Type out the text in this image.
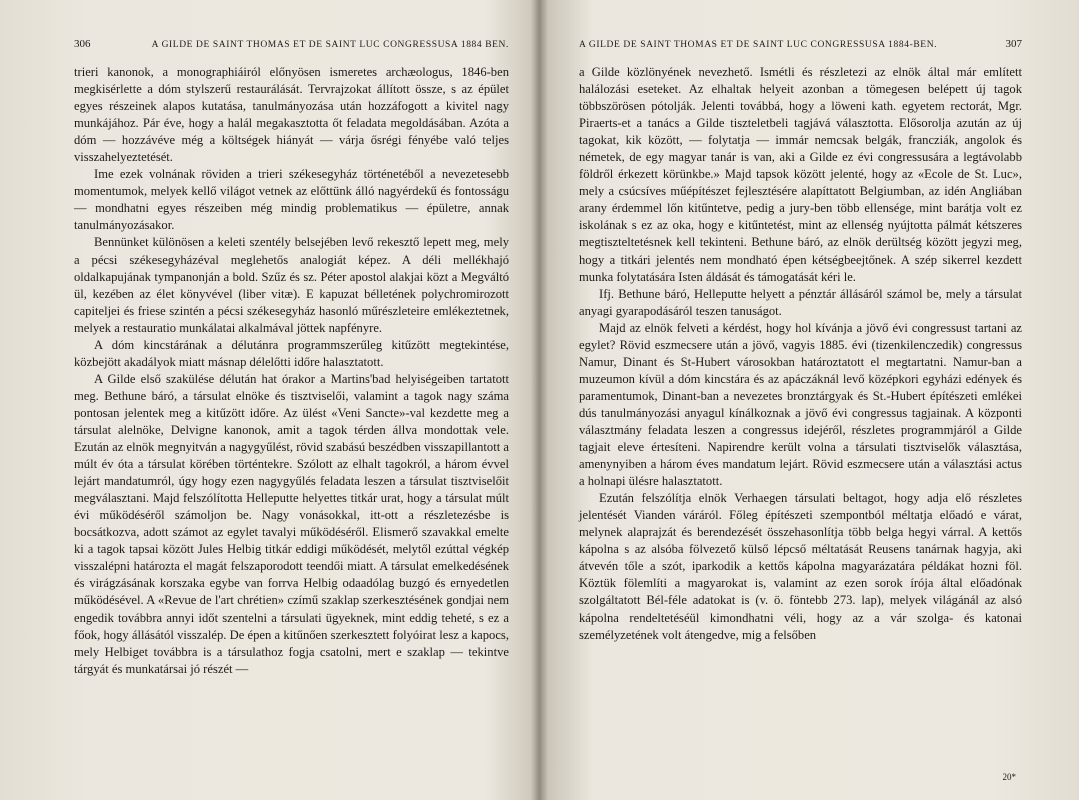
306	A GILDE DE SAINT THOMAS ET DE SAINT LUC CONGRESSUSA 1884 BEN.

trieri kanonok, a monographiáiról előnyösen ismeretes archæologus, 1846-ben megkisérlette a dóm stylszerű restaurálását. Tervrajzokat állított össze, s az épület egyes részeinek alapos kutatása, tanulmányozása után hozzáfogott a kivitel nagy munkájához. Pár éve, hogy a halál megakasztotta őt feladata megoldásában. Azóta a dóm — hozzávéve még a költségek hiányát — várja ősrégi fényébe való teljes visszahelyeztetését.

Ime ezek volnának röviden a trieri székesegyház történetéből a nevezetesebb momentumok, melyek kellő világot vetnek az előttünk álló nagyérdekű és fontosságu — mondhatni egyes részeiben még mindig problematikus — épületre, annak tanulmányozásakor.

Bennünket különösen a keleti szentély belsejében levő rekesztő lepett meg, mely a pécsi székesegyházéval meglehetős analogiát képez. A déli mellékhajó oldalkapujának tympanonján a bold. Szűz és sz. Péter apostol alakjai közt a Megváltó ül, kezében az élet könyvével (liber vitæ). E kapuzat bélletének polychromirozott capiteljei és friese szintén a pécsi székesegyház hasonló műrészleteire emlékeztetnek, melyek a restauratio munkálatai alkalmával jöttek napfényre.

A dóm kincstárának a délutánra programmszerűleg kitűzött megtekintése, közbejött akadályok miatt másnap délelőtti időre halasztatott.

A Gilde első szakülése délután hat órakor a Martins'bad helyiségeiben tartatott meg. Bethune báró, a társulat elnöke és tisztviselői, valamint a tagok nagy száma pontosan jelentek meg a kitűzött időre. Az ülést «Veni Sancte»-val kezdette meg a társulat alelnöke, Delvigne kanonok, amit a tagok térden állva mondottak vele. Ezután az elnök megnyitván a nagygyűlést, rövid szabású beszédben visszapillantott a múlt év óta a társulat körében történtekre. Szólott az elhalt tagokról, a három évvel lejárt mandatumról, úgy hogy ezen nagygyűlés feladata leszen a társulat tisztviselőit megválasztani. Majd felszólította Helleputte helyettes titkár urat, hogy a társulat múlt évi működéséről számoljon be. Nagy vonásokkal, itt-ott a részletezésbe is bocsátkozva, adott számot az egylet tavalyi működéséről. Elismerő szavakkal emelte ki a tagok tapsai között Jules Helbig titkár eddigi működését, melytől ezúttal végkép visszalépni határozta el magát felszaporodott teendői miatt. A társulat emelkedésének és virágzásának korszaka egybe van forrva Helbig odaadólag buzgó és ernyedetlen működésével. A «Revue de l'art chrétien» czímű szaklap szerkesztésének gondjai nem engedik továbbra annyi időt szentelni a társulati ügyeknek, mint eddig teheté, s ez a főok, hogy állásától visszalép. De épen a kitűnően szerkesztett folyóirat lesz a kapocs, mely Helbiget továbbra is a társulathoz fogja csatolni, mert e szaklap — tekintve tárgyát és munkatársai jó részét —

A GILDE DE SAINT THOMAS ET DE SAINT LUC CONGRESSUSA 1884-BEN.	307

a Gilde közlönyének nevezhető. Ismétli és részletezi az elnök által már említett halálozási eseteket. Az elhaltak helyeit azonban a tömegesen belépett új tagok többszörösen pótolják. Jelenti továbbá, hogy a löweni kath. egyetem rectorát, Mgr. Piraerts-et a tanács a Gilde tiszteletbeli tagjává választotta. Elősorolja azután az új tagokat, kik között, — folytatja — immár nemcsak belgák, francziák, angolok és németek, de egy magyar tanár is van, aki a Gilde ez évi congressusára a legtávolabb földről érkezett körünkbe.» Majd tapsok között jelenté, hogy az «Ecole de St. Luc», mely a csúcsíves műépítészet fejlesztésére alapíttatott Belgiumban, az idén Angliában arany érdemmel lőn kitűntetve, pedig a jury-ben több ellensége, mint barátja volt ez iskolának s ez az oka, hogy e kitűntetést, mint az ellenség nyújtotta pálmát kétszeres megtiszteltetésnek kell tekinteni. Bethune báró, az elnök derültség között jegyzi meg, hogy a titkári jelentés nem mondható épen kétségbeejtőnek. A szép sikerrel kezdett munka folytatására Isten áldását és támogatását kéri le.

Ifj. Bethune báró, Helleputte helyett a pénztár állásáról számol be, mely a társulat anyagi gyarapodásáról teszen tanuságot.

Majd az elnök felveti a kérdést, hogy hol kívánja a jövő évi congressust tartani az egylet? Rövid eszmecsere után a jövő, vagyis 1885. évi (tizenkilenczedik) congressus Namur, Dinant és St-Hubert városokban határoztatott el megtartatni. Namur-ban a muzeumon kívül a dóm kincstára és az apáczáknál levő középkori egyházi edények és paramentumok, Dinant-ban a nevezetes bronztárgyak és St.-Hubert építészeti emlékei dús tanulmányozási anyagul kínálkoznak a jövő évi congressus tagjainak. A központi választmány feladata leszen a congressus idejéről, részletes programmjáról a Gilde tagjait eleve értesíteni. Napirendre került volna a társulati tisztviselők választása, amenynyiben a három éves mandatum lejárt. Rövid eszmecsere után a választási actus a holnapi ülésre halasztatott.

Ezután felszólítja elnök Verhaegen társulati beltagot, hogy adja elő részletes jelentését Vianden váráról. Főleg építészeti szempontból méltatja előadó e várat, melynek alaprajzát és berendezését összehasonlítja több belga hegyi várral. A kettős kápolna s az alsóba fölvezető külső lépcső méltatását Reusens tanárnak hagyja, aki átvevén tőle a szót, iparkodik a kettős kápolna magyarázatára példákat hozni föl. Köztük fölemlíti a magyarokat is, valamint az ezen sorok írója által előadónak szolgáltatott Bél-féle adatokat is (v. ö. föntebb 273. lap), melyek világánál az alsó kápolna rendeltetéséül kimondhatni véli, hogy az a vár szolga- és katonai személyzetének volt átengedve, mig a felsőben

20*
